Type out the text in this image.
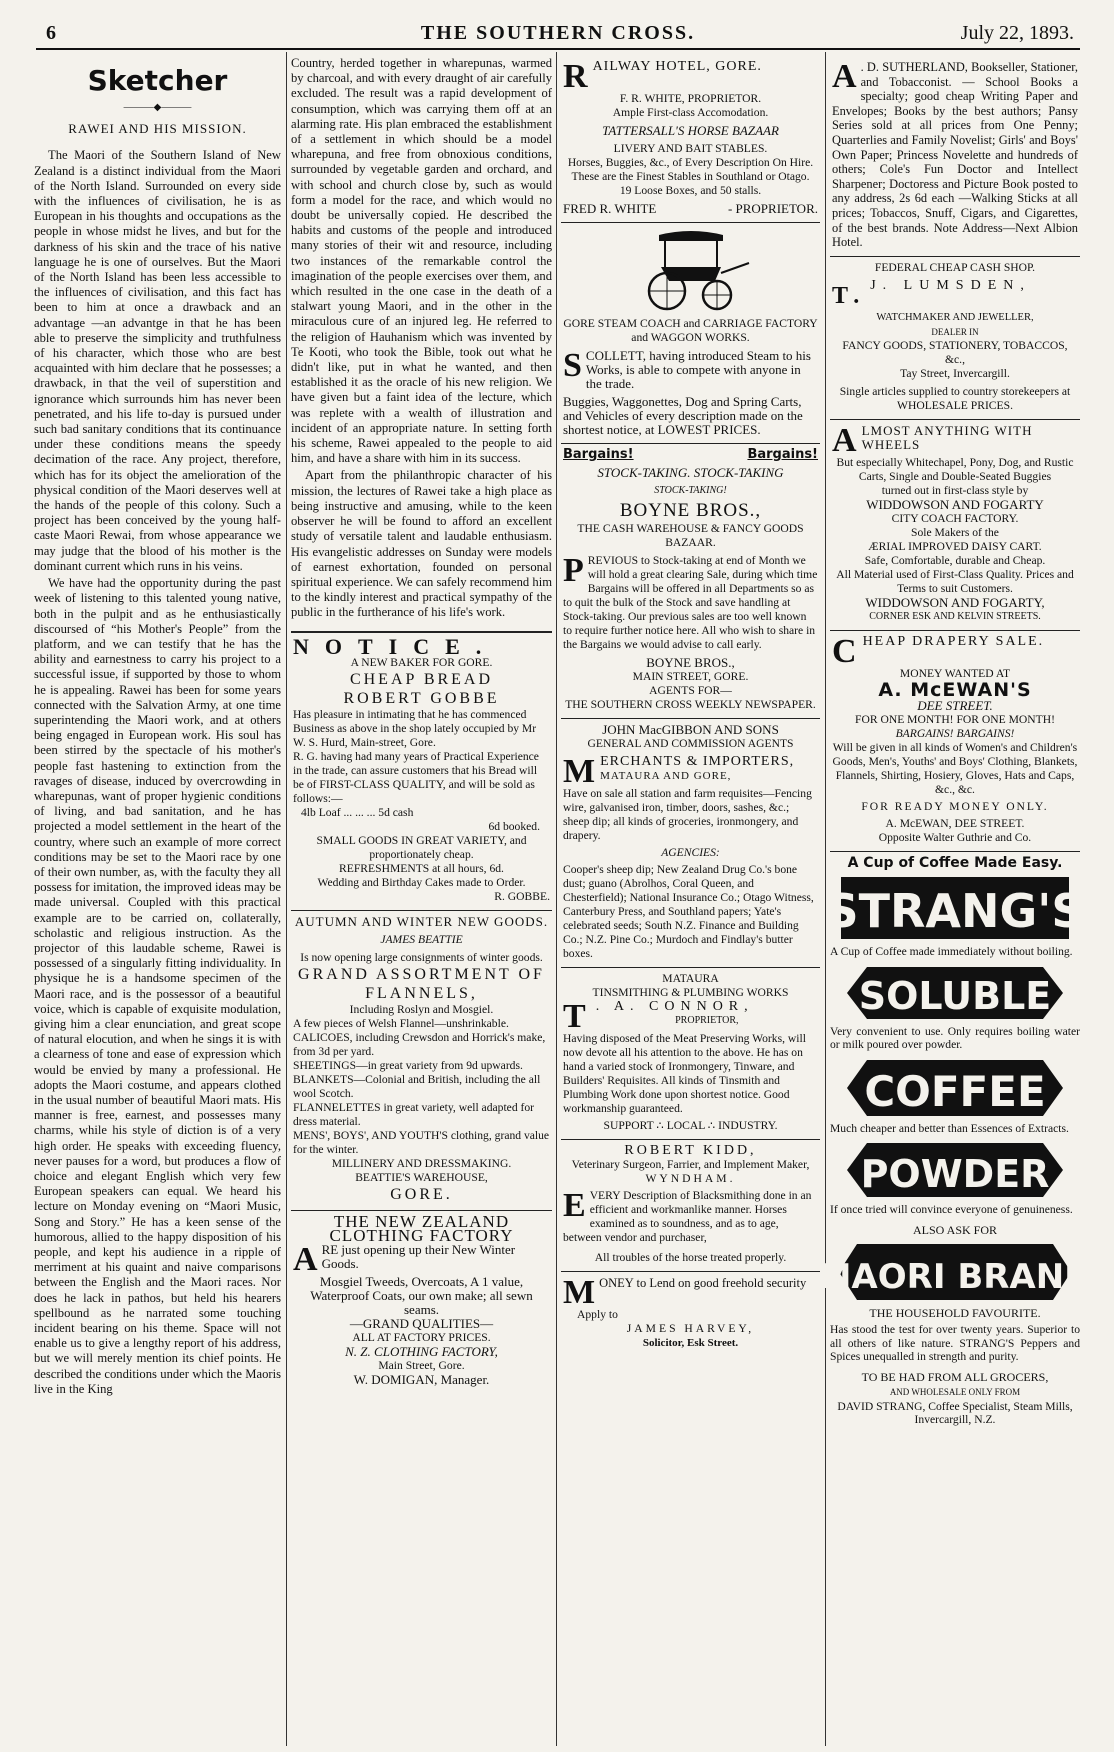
6	THE SOUTHERN CROSS.	July 22, 1893.
Sketcher
———◆———
RAWEI AND HIS MISSION.

The Maori of the Southern Island of New Zealand is a distinct individual from the Maori of the North Island. Surrounded on every side with the influences of civilisation, he is as European in his thoughts and occupations as the people in whose midst he lives, and but for the darkness of his skin and the trace of his native language he is one of ourselves. But the Maori of the North Island has been less accessible to the influences of civilisation, and this fact has been to him at once a drawback and an advantage —an advantge in that he has been able to preserve the simplicity and truthfulness of his character, which those who are best acquainted with him declare that he possesses; a drawback, in that the veil of superstition and ignorance which surrounds him has never been penetrated, and his life to-day is pursued under such bad sanitary conditions that its continuance under these conditions means the speedy decimation of the race. Any project, therefore, which has for its object the amelioration of the physical condition of the Maori deserves well at the hands of the people of this colony. Such a project has been conceived by the young half-caste Maori Rewai, from whose appearance we may judge that the blood of his mother is the dominant current which runs in his veins.

We have had the opportunity during the past week of listening to this talented young native, both in the pulpit and as he enthusiastically discoursed of “his Mother's People” from the platform, and we can testify that he has the ability and earnestness to carry his project to a successful issue, if supported by those to whom he is appealing. Rawei has been for some years connected with the Salvation Army, at one time superintending the Maori work, and at others being engaged in European work. His soul has been stirred by the spectacle of his mother's people fast hastening to extinction from the ravages of disease, induced by overcrowding in wharepunas, want of proper hygienic conditions of living, and bad sanitation, and he has projected a model settlement in the heart of the country, where such an example of more correct conditions may be set to the Maori race by one of their own number, as, with the faculty they all possess for imitation, the improved ideas may be made universal. Coupled with this practical example are to be carried on, collaterally, scholastic and religious instruction. As the projector of this laudable scheme, Rawei is possessed of a singularly fitting individuality. In physique he is a handsome specimen of the Maori race, and is the possessor of a beautiful voice, which is capable of exquisite modulation, giving him a clear enunciation, and great scope of natural elocution, and when he sings it is with a clearness of tone and ease of expression which would be envied by many a professional. He adopts the Maori costume, and appears clothed in the usual number of beautiful Maori mats. His manner is free, earnest, and possesses many charms, while his style of diction is of a very high order. He speaks with exceeding fluency, never pauses for a word, but produces a flow of choice and elegant English which very few European speakers can equal. We heard his lecture on Monday evening on “Maori Music, Song and Story.” He has a keen sense of the humorous, allied to the happy disposition of his people, and kept his audience in a ripple of merriment at his quaint and naive comparisons between the English and the Maori races. Nor does he lack in pathos, but held his hearers spellbound as he narrated some touching incident bearing on his theme. Space will not enable us to give a lengthy report of his address, but we will merely mention its chief points. He described the conditions under which the Maoris live in the King

Country, herded together in wharepunas, warmed by charcoal, and with every draught of air carefully excluded. The result was a rapid development of consumption, which was carrying them off at an alarming rate. His plan embraced the establishment of a settlement in which should be a model wharepuna, and free from obnoxious conditions, surrounded by vegetable garden and orchard, and with school and church close by, such as would form a model for the race, and which would no doubt be universally copied. He described the habits and customs of the people and introduced many stories of their wit and resource, including two instances of the remarkable control the imagination of the people exercises over them, and which resulted in the one case in the death of a stalwart young Maori, and in the other in the miraculous cure of an injured leg. He referred to the religion of Hauhanism which was invented by Te Kooti, who took the Bible, took out what he didn't like, put in what he wanted, and then established it as the oracle of his new religion. We have given but a faint idea of the lecture, which was replete with a wealth of illustration and incident of an appropriate nature. In setting forth his scheme, Rawei appealed to the people to aid him, and have a share with him in its success.

Apart from the philanthropic character of his mission, the lectures of Rawei take a high place as being instructive and amusing, while to the keen observer he will be found to afford an excellent study of versatile talent and laudable enthusiasm. His evangelistic addresses on Sunday were models of earnest exhortation, founded on personal spiritual experience. We can safely recommend him to the kindly interest and practical sympathy of the public in the furtherance of his life's work.

NOTICE.
A NEW BAKER FOR GORE.
CHEAP BREAD
ROBERT GOBBE
Has pleasure in intimating that he has commenced Business as above in the shop lately occupied by Mr W. S. Hurd, Main-street, Gore.
R. G. having had many years of Practical Experience in the trade, can assure customers that his Bread will be of FIRST-CLASS QUALITY, and will be sold as follows:—
4lb Loaf ... ... ... 5d cash
6d booked.
SMALL GOODS IN GREAT VARIETY, and proportionately cheap.
REFRESHMENTS at all hours, 6d.
Wedding and Birthday Cakes made to Order.
R. GOBBE.
AUTUMN AND WINTER NEW GOODS.
JAMES BEATTIE
Is now opening large consignments of winter goods.
GRAND ASSORTMENT OF
FLANNELS,
Including Roslyn and Mosgiel.
A few pieces of Welsh Flannel—unshrinkable.
CALICOES, including Crewsdon and Horrick's make, from 3d per yard.
SHEETINGS—in great variety from 9d upwards.
BLANKETS—Colonial and British, including the all wool Scotch.
FLANNELETTES in great variety, well adapted for dress material.
MENS', BOYS', AND YOUTH'S clothing, grand value for the winter.
MILLINERY AND DRESSMAKING.
BEATTIE'S WAREHOUSE,
GORE.
THE NEW ZEALAND
CLOTHING FACTORY
ARE just opening up their New Winter Goods.
Mosgiel Tweeds, Overcoats, A 1 value, Waterproof Coats, our own make; all sewn seams.
—GRAND QUALITIES—
ALL AT FACTORY PRICES.
N. Z. CLOTHING FACTORY,
Main Street, Gore.
W. DOMIGAN, Manager.
RAILWAY HOTEL, GORE.
F. R. WHITE, PROPRIETOR.
Ample First-class Accomodation.
TATTERSALL'S HORSE BAZAAR
LIVERY AND BAIT STABLES.
Horses, Buggies, &c., of Every Description On Hire. These are the Finest Stables in Southland or Otago.
19 Loose Boxes, and 50 stalls.
FRED R. WHITE	- PROPRIETOR.
GORE STEAM COACH and CARRIAGE FACTORY and WAGGON WORKS.
SCOLLETT, having introduced Steam to his Works, is able to compete with anyone in the trade.
Buggies, Waggonettes, Dog and Spring Carts, and Vehicles of every description made on the shortest notice, at LOWEST PRICES.
Bargains!	Bargains!
STOCK-TAKING. STOCK-TAKING
STOCK-TAKING!
BOYNE BROS.,
THE CASH WAREHOUSE & FANCY GOODS BAZAAR.
PREVIOUS to Stock-taking at end of Month we will hold a great clearing Sale, during which time Bargains will be offered in all Departments so as to quit the bulk of the Stock and save handling at Stock-taking. Our previous sales are too well known to require further notice here. All who wish to share in the Bargains we would advise to call early.
BOYNE BROS.,
MAIN STREET, GORE.
AGENTS FOR—
THE SOUTHERN CROSS WEEKLY NEWSPAPER.
JOHN MacGIBBON AND SONS
GENERAL AND COMMISSION AGENTS
MERCHANTS & IMPORTERS,
MATAURA AND GORE,
Have on sale all station and farm requisites—Fencing wire, galvanised iron, timber, doors, sashes, &c.; sheep dip; all kinds of groceries, ironmongery, and drapery.
AGENCIES:
Cooper's sheep dip; New Zealand Drug Co.'s bone dust; guano (Abrolhos, Coral Queen, and Chesterfield); National Insurance Co.; Otago Witness, Canterbury Press, and Southland papers; Yate's celebrated seeds; South N.Z. Finance and Building Co.; N.Z. Pine Co.; Murdoch and Findlay's butter boxes.
MATAURA
TINSMITHING & PLUMBING WORKS
T . A. CONNOR,
PROPRIETOR,
Having disposed of the Meat Preserving Works, will now devote all his attention to the above. He has on hand a varied stock of Ironmongery, Tinware, and Builders' Requisites. All kinds of Tinsmith and Plumbing Work done upon shortest notice. Good workmanship guaranteed.
SUPPORT ∴ LOCAL ∴ INDUSTRY.
ROBERT KIDD,
Veterinary Surgeon, Farrier, and Implement Maker,
WYNDHAM.
EVERY Description of Blacksmithing done in an efficient and workmanlike manner. Horses examined as to soundness, and as to age, between vendor and purchaser,
All troubles of the horse treated properly.
MONEY to Lend on good freehold security
Apply to
JAMES HARVEY,
Solicitor, Esk Street.
A . D. SUTHERLAND, Bookseller, Stationer, and Tobacconist. — School Books a specialty; good cheap Writing Paper and Envelopes; Books by the best authors; Pansy Series sold at all prices from One Penny; Quarterlies and Family Novelist; Girls' and Boys' Own Paper; Princess Novelette and hundreds of others; Cole's Fun Doctor and Intellect Sharpener; Doctoress and Picture Book posted to any address, 2s 6d each —Walking Sticks at all prices; Tobaccos, Snuff, Cigars, and Cigarettes, of the best brands. Note Address—Next Albion Hotel.
FEDERAL CHEAP CASH SHOP.
T. J. LUMSDEN,
WATCHMAKER AND JEWELLER,
DEALER IN
FANCY GOODS, STATIONERY, TOBACCOS, &c.,
Tay Street, Invercargill.
Single articles supplied to country storekeepers at
WHOLESALE PRICES.
ALMOST ANYTHING WITH WHEELS
But especially Whitechapel, Pony, Dog, and Rustic Carts, Single and Double-Seated Buggies
turned out in first-class style by
WIDDOWSON AND FOGARTY
CITY COACH FACTORY.
Sole Makers of the
ÆRIAL IMPROVED DAISY CART.
Safe, Comfortable, durable and Cheap.
All Material used of First-Class Quality. Prices and Terms to suit Customers.
WIDDOWSON AND FOGARTY,
CORNER ESK AND KELVIN STREETS.
CHEAP DRAPERY SALE.
MONEY WANTED AT
A. McEWAN'S
DEE STREET.
FOR ONE MONTH! FOR ONE MONTH!
BARGAINS! BARGAINS!
Will be given in all kinds of Women's and Children's Goods, Men's, Youths' and Boys' Clothing, Blankets, Flannels, Shirting, Hosiery, Gloves, Hats and Caps, &c., &c.
FOR READY MONEY ONLY.
A. McEWAN, DEE STREET.
Opposite Walter Guthrie and Co.
A Cup of Coffee Made Easy.
STRANG'S
A Cup of Coffee made immediately without boiling.
SOLUBLE
Very convenient to use. Only requires boiling water or milk poured over powder.
COFFEE
Much cheaper and better than Essences of Extracts.
POWDER
If once tried will convince everyone of genuineness.
ALSO ASK FOR
MAORI BRAND
THE HOUSEHOLD FAVOURITE.
Has stood the test for over twenty years. Superior to all others of like nature. STRANG'S Peppers and Spices unequalled in strength and purity.
TO BE HAD FROM ALL GROCERS,
AND WHOLESALE ONLY FROM
DAVID STRANG, Coffee Specialist, Steam Mills, Invercargill, N.Z.
